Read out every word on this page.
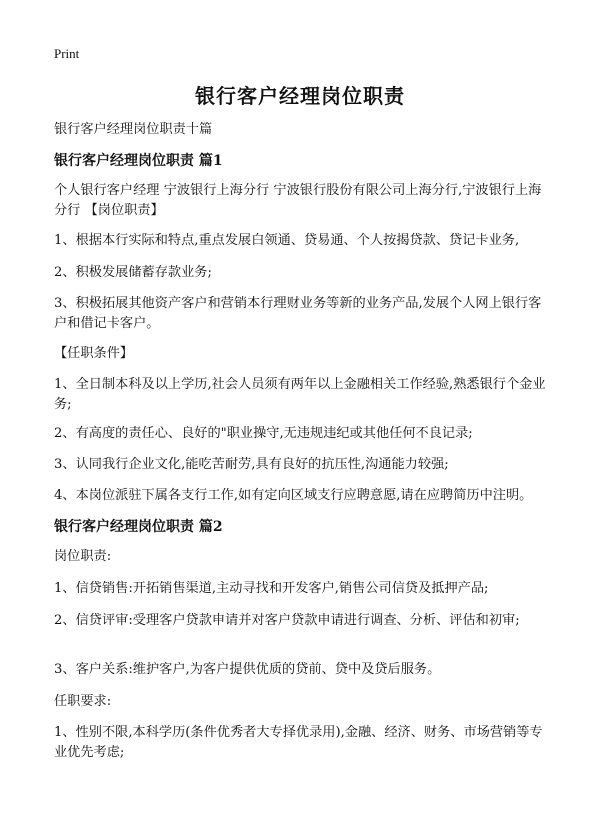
Print
银行客户经理岗位职责
银行客户经理岗位职责十篇
银行客户经理岗位职责 篇1
个人银行客户经理 宁波银行上海分行 宁波银行股份有限公司上海分行,宁波银行上海分行 【岗位职责】
1、根据本行实际和特点,重点发展白领通、贷易通、个人按揭贷款、贷记卡业务,
2、积极发展储蓄存款业务;
3、积极拓展其他资产客户和营销本行理财业务等新的业务产品,发展个人网上银行客户和借记卡客户。
【任职条件】
1、全日制本科及以上学历,社会人员须有两年以上金融相关工作经验,熟悉银行个金业务;
2、有高度的责任心、良好的"职业操守,无违规违纪或其他任何不良记录;
3、认同我行企业文化,能吃苦耐劳,具有良好的抗压性,沟通能力较强;
4、本岗位派驻下属各支行工作,如有定向区域支行应聘意愿,请在应聘简历中注明。
银行客户经理岗位职责 篇2
岗位职责:
1、信贷销售:开拓销售渠道,主动寻找和开发客户,销售公司信贷及抵押产品;
2、信贷评审:受理客户贷款申请并对客户贷款申请进行调查、分析、评估和初审;
3、客户关系:维护客户,为客户提供优质的贷前、贷中及贷后服务。
任职要求:
1、性别不限,本科学历(条件优秀者大专择优录用),金融、经济、财务、市场营销等专业优先考虑;
